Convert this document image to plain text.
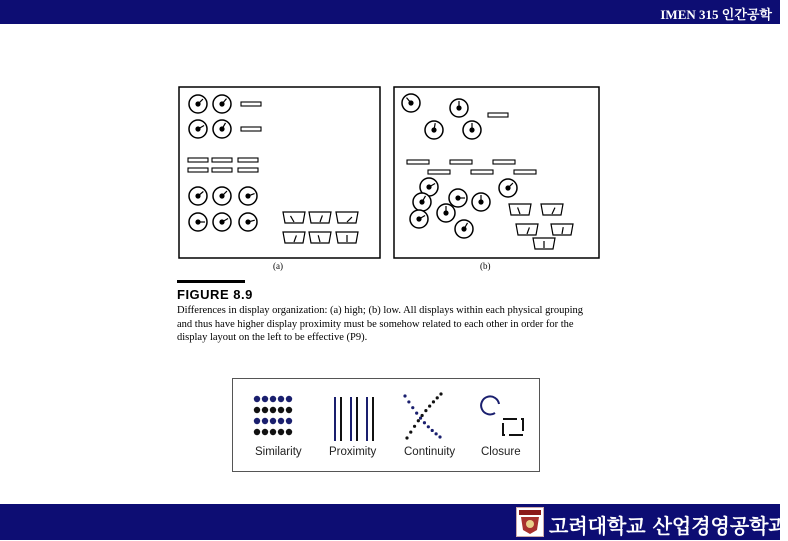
IMEN 315 인간공학
(a)	(b)
FIGURE 8.9
Differences in display organization: (a) high; (b) low. All displays within each physical grouping and thus have higher display proximity must be somehow related to each other in order for the display layout on the left to be effective (P9).
Similarity Proximity Continuity Closure
고려대학교 산업경영공학과
